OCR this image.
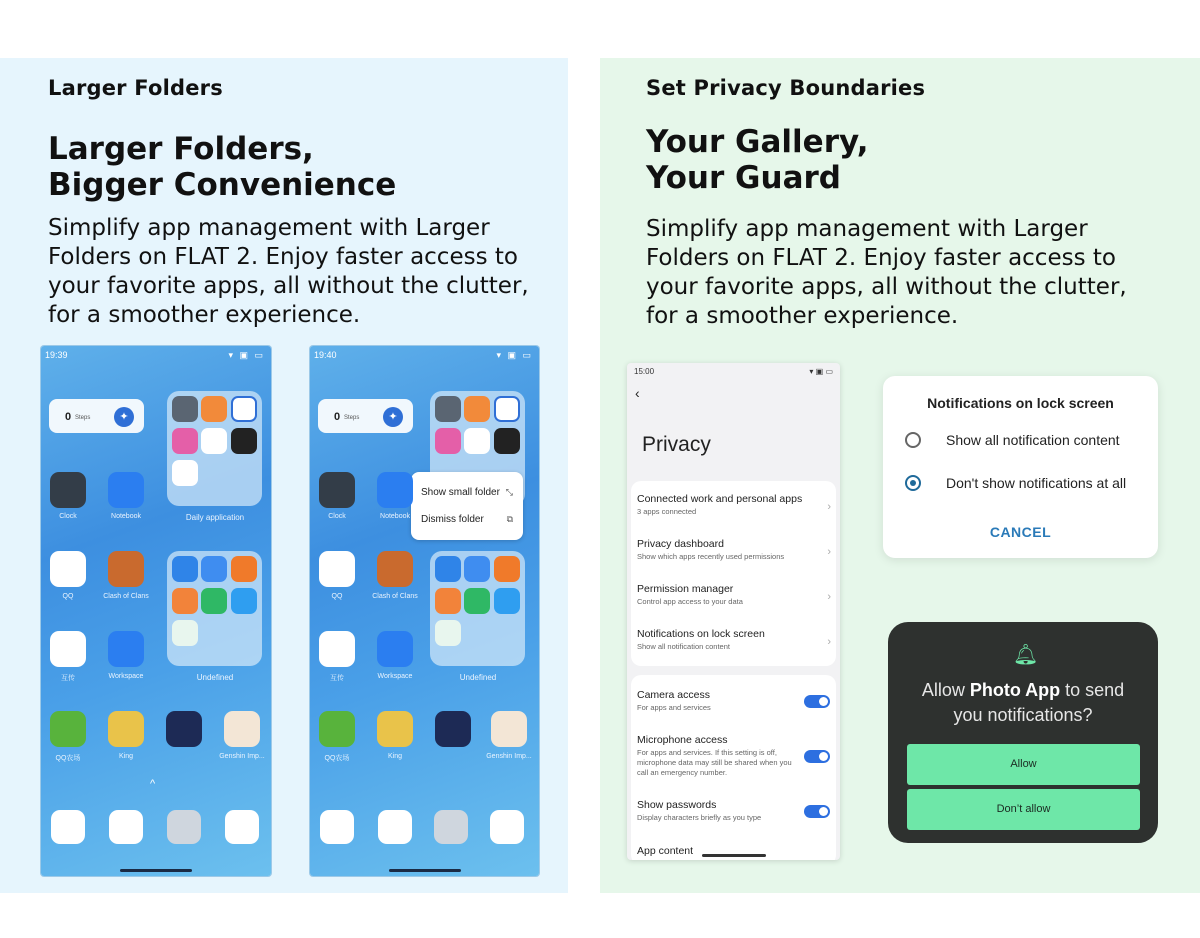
Larger Folders
Larger Folders,
Bigger Convenience
Simplify app management with Larger
Folders on FLAT 2. Enjoy faster access to
your favorite apps, all without the clutter,
for a smoother experience.
19:39	▾ ▣ ▭
0 Steps	✦
Daily application
Clock	Notebook
Undefined
QQ	Clash of Clans
互传	Workspace
QQ农场	King	Genshin Imp...
^
19:40	▾ ▣ ▭
0 Steps	✦
Show small folder ⤡
Dismiss folder	⧉
Clock	Notebook
Undefined
QQ	Clash of Clans
互传	Workspace
QQ农场	King	Genshin Imp...
Set Privacy Boundaries
Your Gallery,
Your Guard
Simplify app management with Larger
Folders on FLAT 2. Enjoy faster access to
your favorite apps, all without the clutter,
for a smoother experience.
15:00	▾ ▣ ▭
‹
Privacy
Connected work and personal apps
3 apps connected	›
Privacy dashboard
Show which apps recently used permissions	›
Permission manager
Control app access to your data	›
Notifications on lock screen
Show all notification content	›
Camera access
For apps and services
Microphone access
For apps and services. If this setting is off, microphone data may still be shared when you call an emergency number.
Show passwords
Display characters briefly as you type
App content
Notifications on lock screen
Show all notification content
Don't show notifications at all
CANCEL
🔔︎
Allow Photo App to send
you notifications?
Allow
Don’t allow
